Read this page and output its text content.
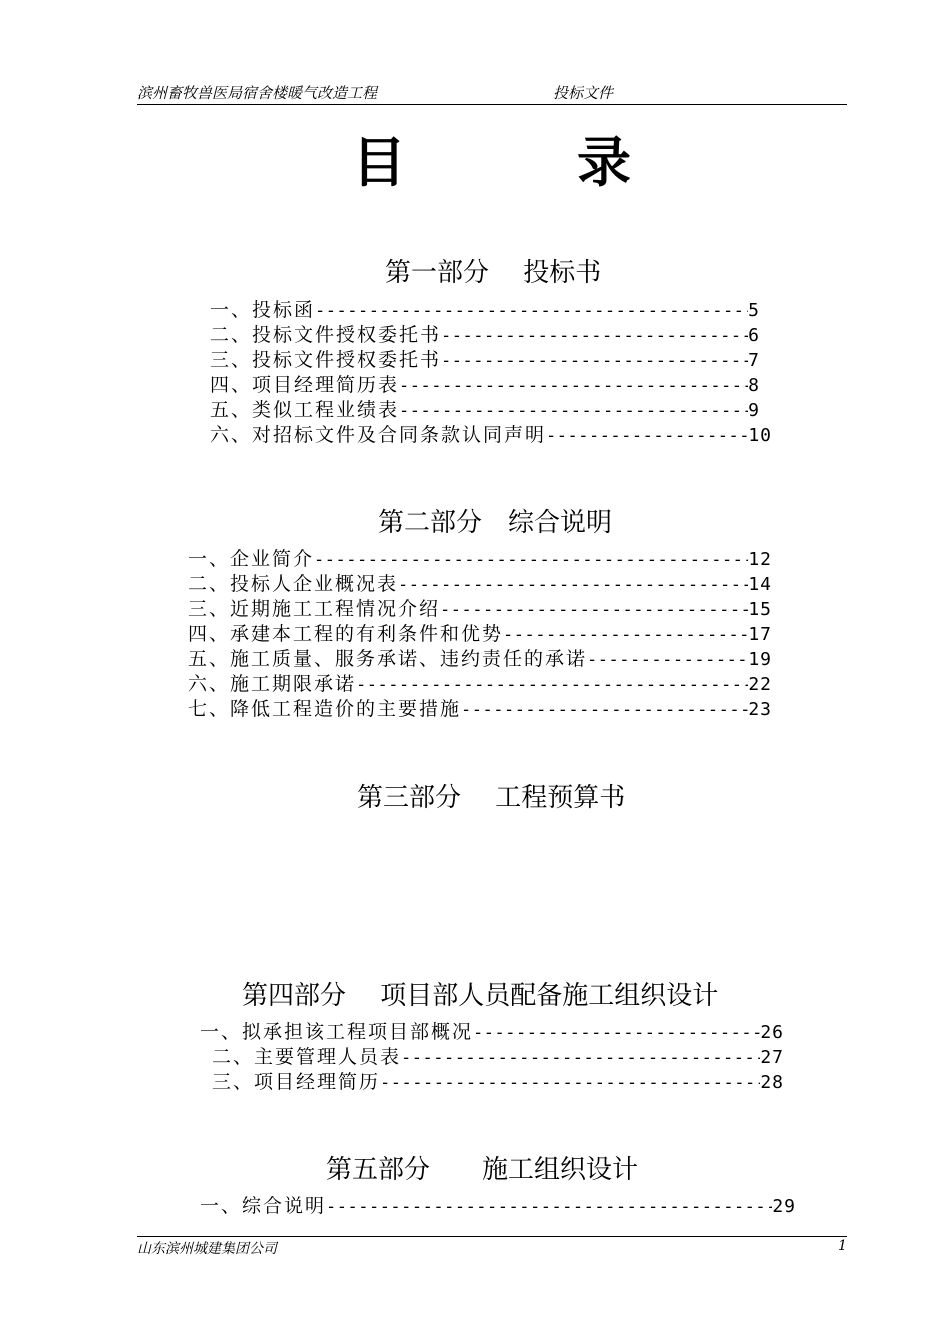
滨州畜牧兽医局宿舍楼暖气改造工程	投标文件
目	录
第一部分　 投标书
一、投标函 -----	5
二、投标文件授权委托书 -----	6
三、投标文件授权委托书 -----	7
四、项目经理简历表 -----	8
五、类似工程业绩表 -----	9
六、对招标文件及合同条款认同声明 -----	10
第二部分　综合说明
一、企业简介 -----	12
二、投标人企业概况表 -----	14
三、近期施工工程情况介绍 -----	15
四、承建本工程的有利条件和优势 -----	17
五、施工质量、服务承诺、违约责任的承诺 -----	19
六、施工期限承诺 -----	22
七、降低工程造价的主要措施 -----	23
第三部分　 工程预算书
第四部分　 项目部人员配备施工组织设计
一、拟承担该工程项目部概况 -----	26
二、主要管理人员表 -----	27
三、项目经理简历 -----	28
第五部分　　施工组织设计
一、综合说明 -----	29
山东滨州城建集团公司	1
